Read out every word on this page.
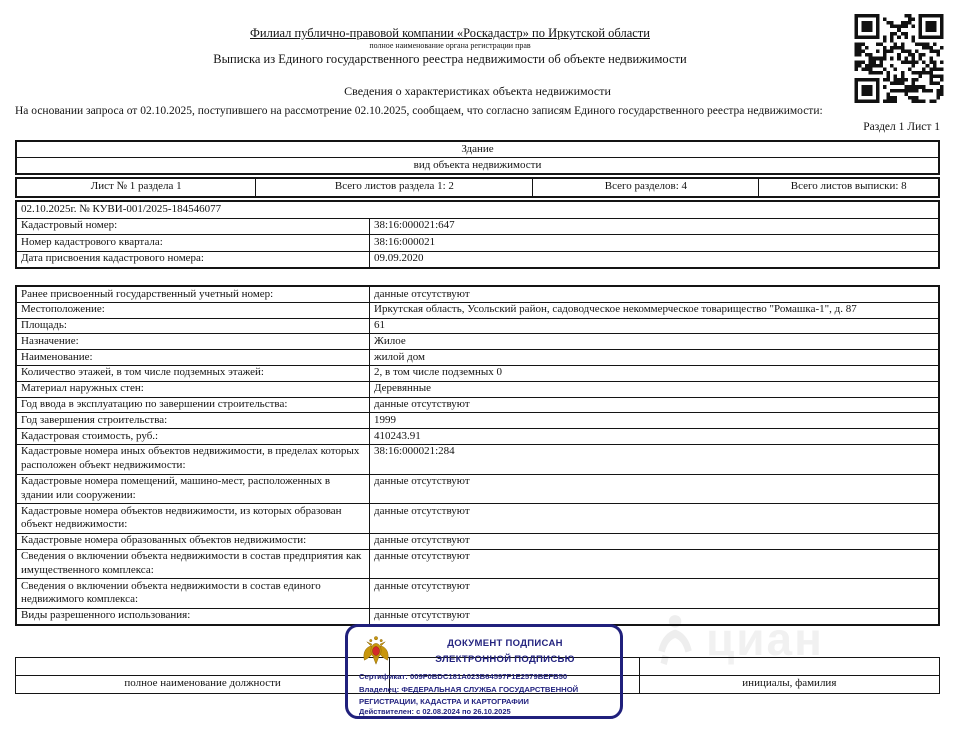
Филиал публично-правовой компании «Роскадастр» по Иркутской области
полное наименование органа регистрации прав
Выписка из Единого государственного реестра недвижимости об объекте недвижимости
Сведения о характеристиках объекта недвижимости
На основании запроса от 02.10.2025, поступившего на рассмотрение 02.10.2025, сообщаем, что согласно записям Единого государственного реестра недвижимости:
Раздел 1 Лист 1
циан
Здание
вид объекта недвижимости
Лист № 1 раздела 1	Всего листов раздела 1: 2	Всего разделов: 4	Всего листов выписки: 8
02.10.2025г. № КУВИ-001/2025-184546077	
Кадастровый номер:	38:16:000021:647
Номер кадастрового квартала:	38:16:000021
Дата присвоения кадастрового номера:	09.09.2020
Ранее присвоенный государственный учетный номер:	данные отсутствуют
Местоположение:	Иркутская область, Усольский район, садоводческое некоммерческое товарищество "Ромашка-1", д. 87
Площадь:	61
Назначение:	Жилое
Наименование:	жилой дом
Количество этажей, в том числе подземных этажей:	2, в том числе подземных 0
Материал наружных стен:	Деревянные
Год ввода в эксплуатацию по завершении строительства:	данные отсутствуют
Год завершения строительства:	1999
Кадастровая стоимость, руб.:	410243.91
Кадастровые номера иных объектов недвижимости, в пределах которых расположен объект недвижимости:	38:16:000021:284
Кадастровые номера помещений, машино-мест, расположенных в здании или сооружении:	данные отсутствуют
Кадастровые номера объектов недвижимости, из которых образован объект недвижимости:	данные отсутствуют
Кадастровые номера образованных объектов недвижимости:	данные отсутствуют
Сведения о включении объекта недвижимости в состав предприятия как имущественного комплекса:	данные отсутствуют
Сведения о включении объекта недвижимости в состав единого недвижимого комплекса:	данные отсутствуют
Виды разрешенного использования:	данные отсутствуют

полное наименование должности		инициалы, фамилия
ДОКУМЕНТ ПОДПИСАН
ЭЛЕКТРОННОЙ ПОДПИСЬЮ
Сертификат: 009F0BDC181A023B64597F1E2579BEFB50
Владелец: ФЕДЕРАЛЬНАЯ СЛУЖБА ГОСУДАРСТВЕННОЙ РЕГИСТРАЦИИ, КАДАСТРА И КАРТОГРАФИИ
Действителен: с 02.08.2024 по 26.10.2025
